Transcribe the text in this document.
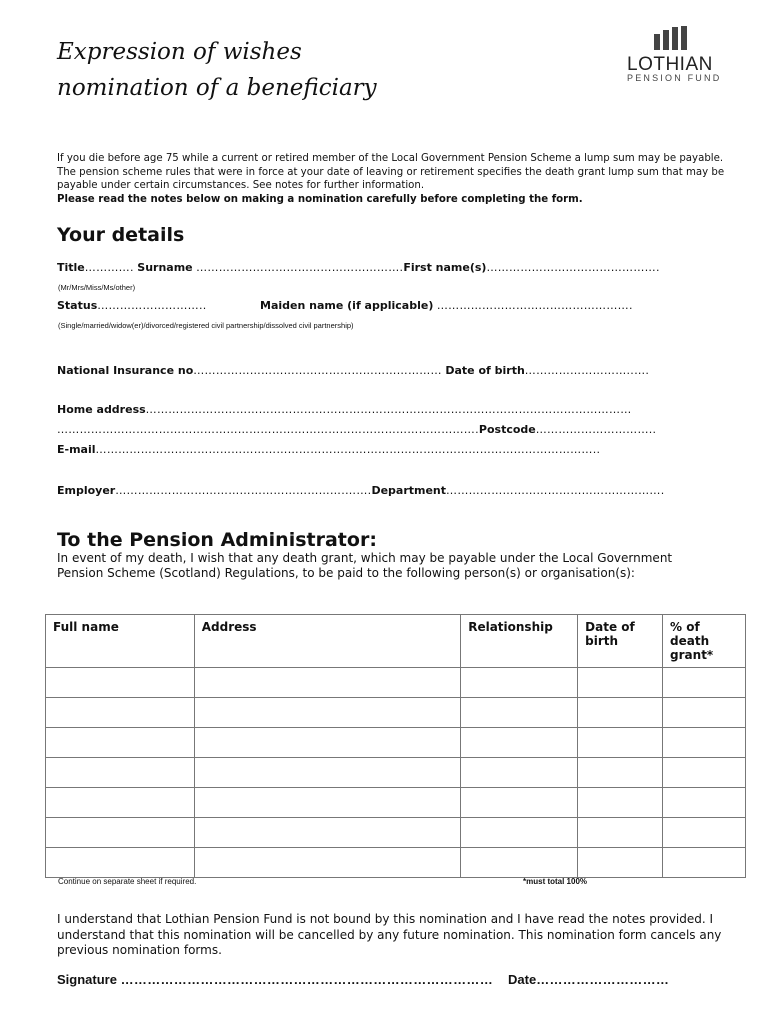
Expression of wishes
nomination of a beneficiary
LOTHIAN
PENSION FUND
If you die before age 75 while a current or retired member of the Local Government Pension Scheme a lump sum may be payable. The pension scheme rules that were in force at your date of leaving or retirement specifies the death grant lump sum that may be payable under certain circumstances. See notes for further information.
Please read the notes below on making a nomination carefully before completing the form.
Your details
Title…………. Surname ……………………………………………….First name(s)……………………………………….
(Mr/Mrs/Miss/Ms/other)
Status………………………..	Maiden name (if applicable) …………………………………………….
(Single/married/widow(er)/divorced/registered civil partnership/dissolved civil partnership)
National Insurance no………………………………………………………… Date of birth………………………..….
Home address…………………………………………………………………………………………………………………
………………………………………………………………………………………………….Postcode…………………………..
E-mail……………………………………………………………………………………………………………………..
Employer…………………………………………………….…….Department………………………………………………….
To the Pension Administrator:
In event of my death, I wish that any death grant, which may be payable under the Local Government Pension Scheme (Scotland) Regulations, to be paid to the following person(s) or organisation(s):
Full name	Address	Relationship	Date of birth	% of death grant*

Continue on separate sheet if required.	*must total 100%
I understand that Lothian Pension Fund is not bound by this nomination and I have read the notes provided. I understand that this nomination will be cancelled by any future nomination. This nomination form cancels any previous nomination forms.
Signature ………………………………………………………………………… Date…………………………
